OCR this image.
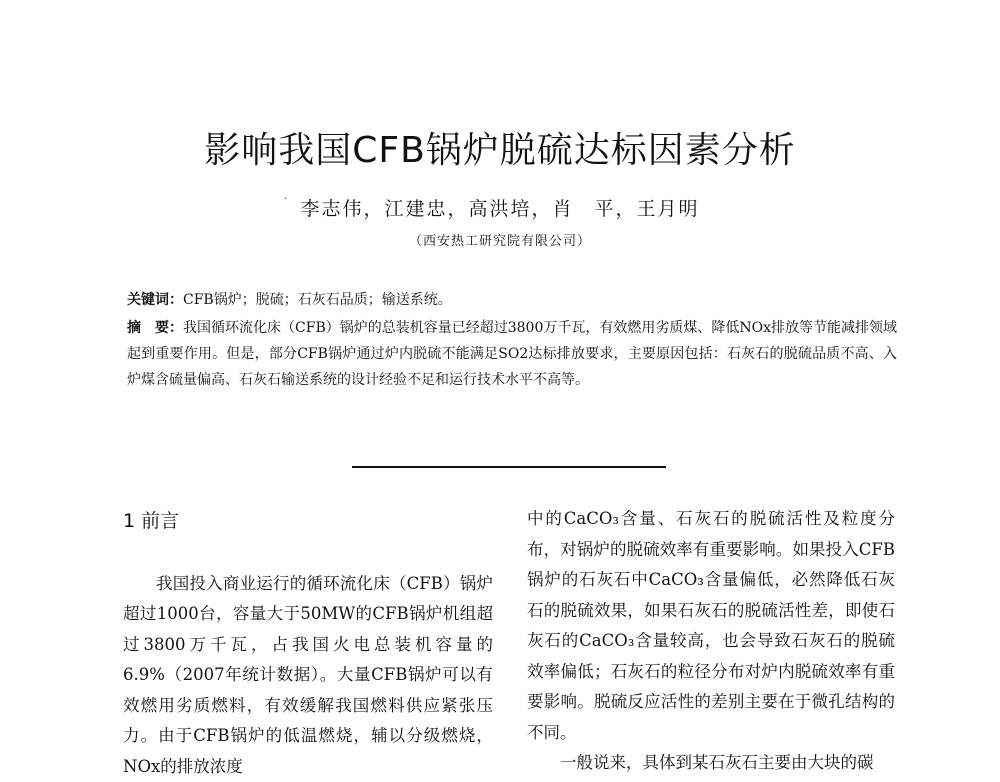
影响我国CFB锅炉脱硫达标因素分析
ˊ 李志伟，江建忠，高洪培，肖　平，王月明
（西安热工研究院有限公司）
关键词：CFB锅炉；脱硫；石灰石品质；输送系统。
摘　要：我国循环流化床（CFB）锅炉的总装机容量已经超过3800万千瓦，有效燃用劣质煤、降低NOx排放等节能减排领域起到重要作用。但是，部分CFB锅炉通过炉内脱硫不能满足SO2达标排放要求，主要原因包括：石灰石的脱硫品质不高、入炉煤含硫量偏高、石灰石输送系统的设计经验不足和运行技术水平不高等。
1 前言

我国投入商业运行的循环流化床（CFB）锅炉超过1000台，容量大于50MW的CFB锅炉机组超过3800万千瓦，占我国火电总装机容量的6.9%（2007年统计数据）。大量CFB锅炉可以有效燃用劣质燃料，有效缓解我国燃料供应紧张压力。由于CFB锅炉的低温燃烧，辅以分级燃烧，NOx的排放浓度

中的CaCO₃含量、石灰石的脱硫活性及粒度分布，对锅炉的脱硫效率有重要影响。如果投入CFB锅炉的石灰石中CaCO₃含量偏低，必然降低石灰石的脱硫效果，如果石灰石的脱硫活性差，即使石灰石的CaCO₃含量较高，也会导致石灰石的脱硫效率偏低；石灰石的粒径分布对炉内脱硫效率有重要影响。脱硫反应活性的差别主要在于微孔结构的不同。

一般说来，具体到某石灰石主要由大块的碳
